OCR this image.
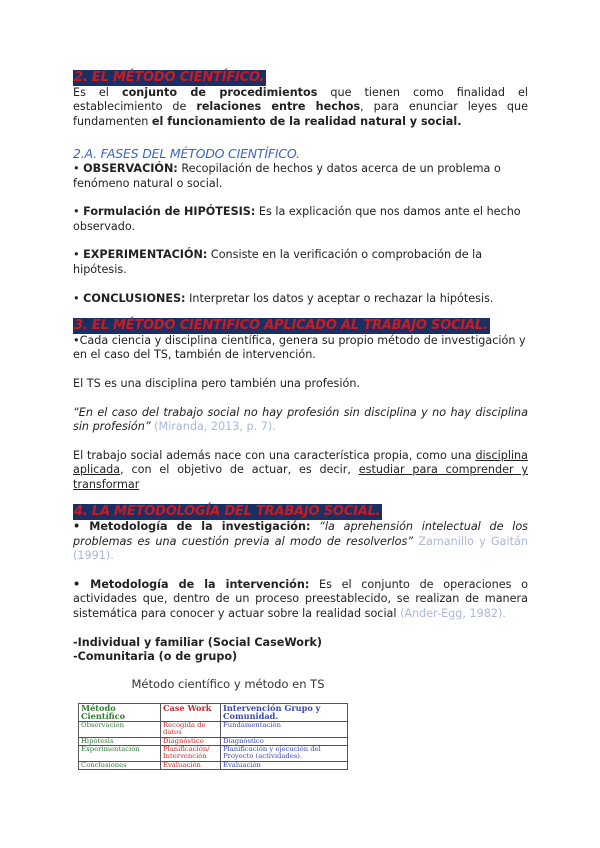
2. EL MÉTODO CIENTÍFICO.

Es el conjunto de procedimientos que tienen como finalidad el establecimiento de relaciones entre hechos, para enunciar leyes que fundamenten el funcionamiento de la realidad natural y social.

2.A. FASES DEL MÉTODO CIENTÍFICO.

• OBSERVACIÓN: Recopilación de hechos y datos acerca de un problema o fenómeno natural o social.

• Formulación de HIPÓTESIS: Es la explicación que nos damos ante el hecho observado.

• EXPERIMENTACIÓN: Consiste en la verificación o comprobación de la hipótesis.

• CONCLUSIONES: Interpretar los datos y aceptar o rechazar la hipótesis.

3. EL MÉTODO CIENTIFICO APLICADO AL TRABAJO SOCIAL.

•Cada ciencia y disciplina científica, genera su propio método de investigación y en el caso del TS, también de intervención.

El TS es una disciplina pero también una profesión.

“En el caso del trabajo social no hay profesión sin disciplina y no hay disciplina sin profesión” (Miranda, 2013, p. 7).

El trabajo social además nace con una característica propia, como una disciplina aplicada, con el objetivo de actuar, es decir, estudiar para comprender y transformar

4. LA METODOLOGÍA DEL TRABAJO SOCIAL.

• Metodología de la investigación: “la aprehensión intelectual de los problemas es una cuestión previa al modo de resolverlos” Zamanillo y Gaitán (1991).

• Metodología de la intervención: Es el conjunto de operaciones o actividades que, dentro de un proceso preestablecido, se realizan de manera sistemática para conocer y actuar sobre la realidad social (Ander-Egg, 1982).

-Individual y familiar (Social CaseWork)

-Comunitaria (o de grupo)

Método científico y método en TS
Método Científico	Case Work	Intervención Grupo y Comunidad.
Observación	Recogida de datos	Fundamentación
Hipótesis	Diagnóstico	Diagnóstico
Experimentación	Planificación/ Intervención	Planificación y ejecución del Proyecto (actividades).
Conclusiones	Evaluación	Evaluación
